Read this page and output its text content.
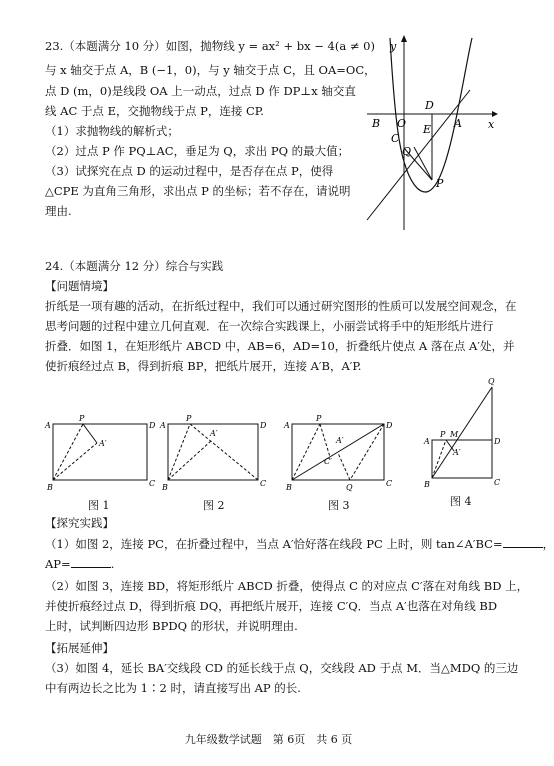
23.（本题满分 10 分）如图，抛物线 y = ax² + bx − 4(a ≠ 0)
与 x 轴交于点 A，B (−1，0)，与 y 轴交于点 C，且 OA=OC，
点 D (m，0)是线段 OA 上一动点，过点 D 作 DP⊥x 轴交直
线 AC 于点 E，交抛物线于点 P，连接 CP.
（1）求抛物线的解析式；
（2）过点 P 作 PQ⊥AC，垂足为 Q，求出 PQ 的最大值；
（3）试探究在点 D 的运动过程中，是否存在点 P，使得
△CPE 为直角三角形，求出点 P 的坐标；若不存在，请说明
理由.
y
x
B O
D
A
E
C
Q
P
24.（本题满分 12 分）综合与实践
【问题情境】
折纸是一项有趣的活动，在折纸过程中，我们可以通过研究图形的性质可以发展空间观念，在
思考问题的过程中建立几何直观．在一次综合实践课上，小丽尝试将手中的矩形纸片进行
折叠．如图 1，在矩形纸片 ABCD 中，AB=6，AD=10，折叠纸片使点 A 落在点 A′处，并
使折痕经过点 B，得到折痕 BP，把纸片展开，连接 A′B，A′P.
A
P
D
A′
B	C
A
P
D
A′
B	C
A
P
D
A′
C′
B	Q	C
A
P M
D
Q
A′
B	C
图 1	图 2	图 3	图 4
【探究实践】
（1）如图 2，连接 PC，在折叠过程中，当点 A′恰好落在线段 PC 上时，则 tan∠A′BC=	，
AP=	.
（2）如图 3，连接 BD，将矩形纸片 ABCD 折叠，使得点 C 的对应点 C′落在对角线 BD 上，
并使折痕经过点 D，得到折痕 DQ，再把纸片展开，连接 C′Q．当点 A′也落在对角线 BD
上时，试判断四边形 BPDQ 的形状，并说明理由.
【拓展延伸】
（3）如图 4，延长 BA′交线段 CD 的延长线于点 Q，交线段 AD 于点 M．当△MDQ 的三边
中有两边长之比为 1∶2 时，请直接写出 AP 的长.
九年级数学试题　第 6页　共 6 页
